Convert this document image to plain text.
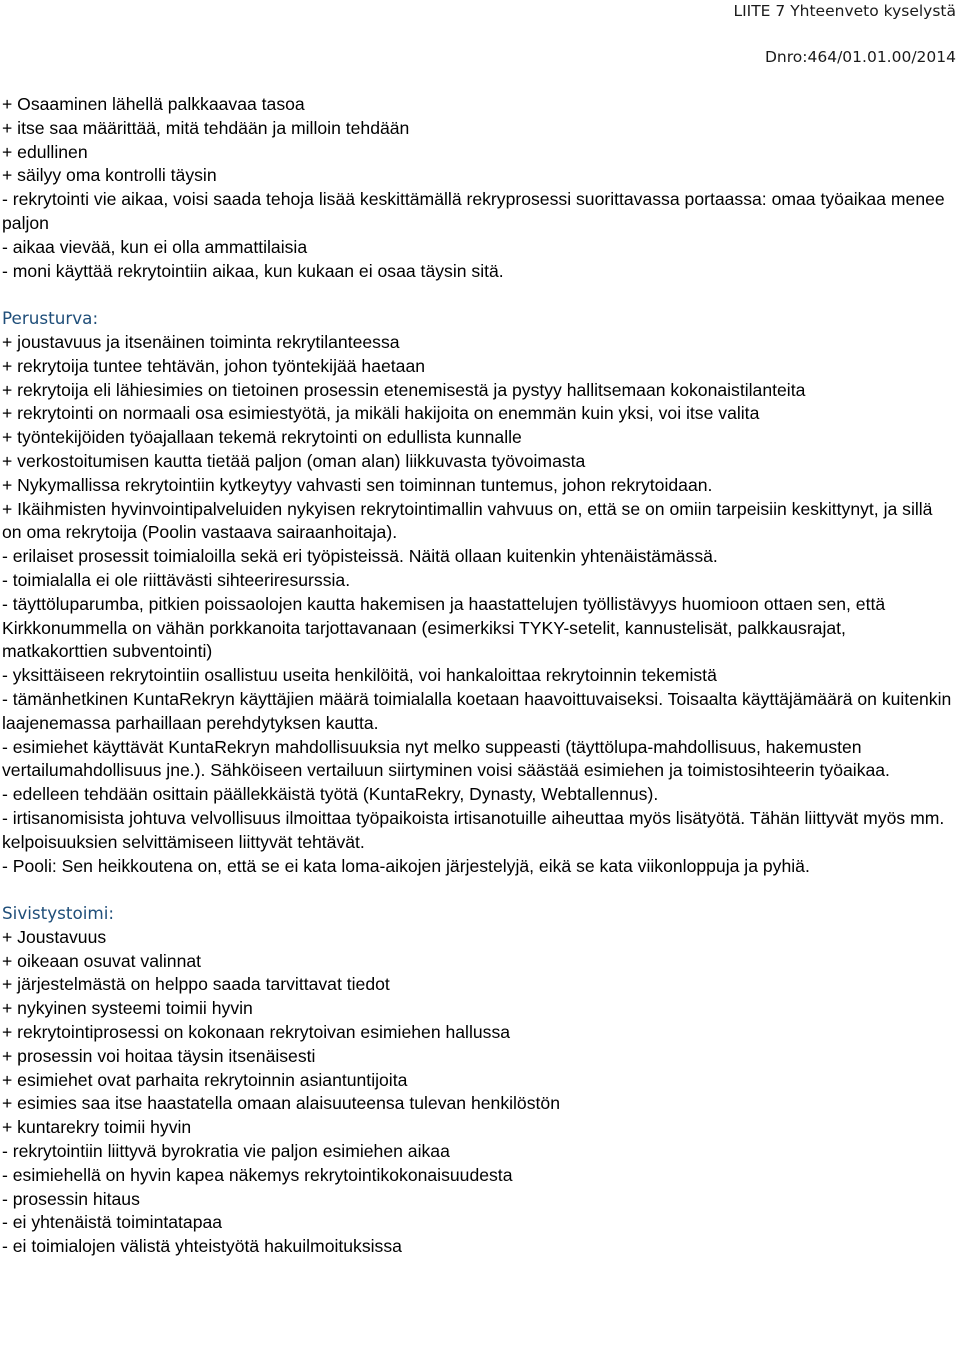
LIITE 7 Yhteenveto kyselystä
Dnro:464/01.01.00/2014

+ Osaaminen lähellä palkkaavaa tasoa

+ itse saa määrittää, mitä tehdään ja milloin tehdään

+ edullinen

+ säilyy oma kontrolli täysin

- rekrytointi vie aikaa, voisi saada tehoja lisää keskittämällä rekryprosessi suorittavassa portaassa: omaa työaikaa menee paljon

- aikaa vievää, kun ei olla ammattilaisia

- moni käyttää rekrytointiin aikaa, kun kukaan ei osaa täysin sitä.

Perusturva:

+ joustavuus ja itsenäinen toiminta rekrytilanteessa

+ rekrytoija tuntee tehtävän, johon työntekijää haetaan

+ rekrytoija eli lähiesimies on tietoinen prosessin etenemisestä ja pystyy hallitsemaan kokonaistilanteita

+ rekrytointi on normaali osa esimiestyötä, ja mikäli hakijoita on enemmän kuin yksi, voi itse valita

+ työntekijöiden työajallaan tekemä rekrytointi on edullista kunnalle

+ verkostoitumisen kautta tietää paljon (oman alan) liikkuvasta työvoimasta

+ Nykymallissa rekrytointiin kytkeytyy vahvasti sen toiminnan tuntemus, johon rekrytoidaan.

+ Ikäihmisten hyvinvointipalveluiden nykyisen rekrytointimallin vahvuus on, että se on omiin tarpeisiin keskittynyt, ja sillä on oma rekrytoija (Poolin vastaava sairaanhoitaja).

- erilaiset prosessit toimialoilla sekä eri työpisteissä. Näitä ollaan kuitenkin yhtenäistämässä.

- toimialalla ei ole riittävästi sihteeriresurssia.

- täyttöluparumba, pitkien poissaolojen kautta hakemisen ja haastattelujen työllistävyys huomioon ottaen sen, että Kirkkonummella on vähän porkkanoita tarjottavanaan (esimerkiksi TYKY-setelit, kannustelisät, palkkausrajat, matkakorttien subventointi)

- yksittäiseen rekrytointiin osallistuu useita henkilöitä, voi hankaloittaa rekrytoinnin tekemistä

- tämänhetkinen KuntaRekryn käyttäjien määrä toimialalla koetaan haavoittuvaiseksi. Toisaalta käyttäjämäärä on kuitenkin laajenemassa parhaillaan perehdytyksen kautta.

- esimiehet käyttävät KuntaRekryn mahdollisuuksia nyt melko suppeasti (täyttölupa-mahdollisuus, hakemusten vertailumahdollisuus jne.). Sähköiseen vertailuun siirtyminen voisi säästää esimiehen ja toimistosihteerin työaikaa.

- edelleen tehdään osittain päällekkäistä työtä (KuntaRekry, Dynasty, Webtallennus).

- irtisanomisista johtuva velvollisuus ilmoittaa työpaikoista irtisanotuille aiheuttaa myös lisätyötä. Tähän liittyvät myös mm. kelpoisuuksien selvittämiseen liittyvät tehtävät.

- Pooli: Sen heikkoutena on, että se ei kata loma-aikojen järjestelyjä, eikä se kata viikonloppuja ja pyhiä.

Sivistystoimi:

+ Joustavuus

+ oikeaan osuvat valinnat

+ järjestelmästä on helppo saada tarvittavat tiedot

+ nykyinen systeemi toimii hyvin

+ rekrytointiprosessi on kokonaan rekrytoivan esimiehen hallussa

+ prosessin voi hoitaa täysin itsenäisesti

+ esimiehet ovat parhaita rekrytoinnin asiantuntijoita

+ esimies saa itse haastatella omaan alaisuuteensa tulevan henkilöstön

+ kuntarekry toimii hyvin

- rekrytointiin liittyvä byrokratia vie paljon esimiehen aikaa

- esimiehellä on hyvin kapea näkemys rekrytointikokonaisuudesta

- prosessin hitaus

- ei yhtenäistä toimintatapaa

- ei toimialojen välistä yhteistyötä hakuilmoituksissa
